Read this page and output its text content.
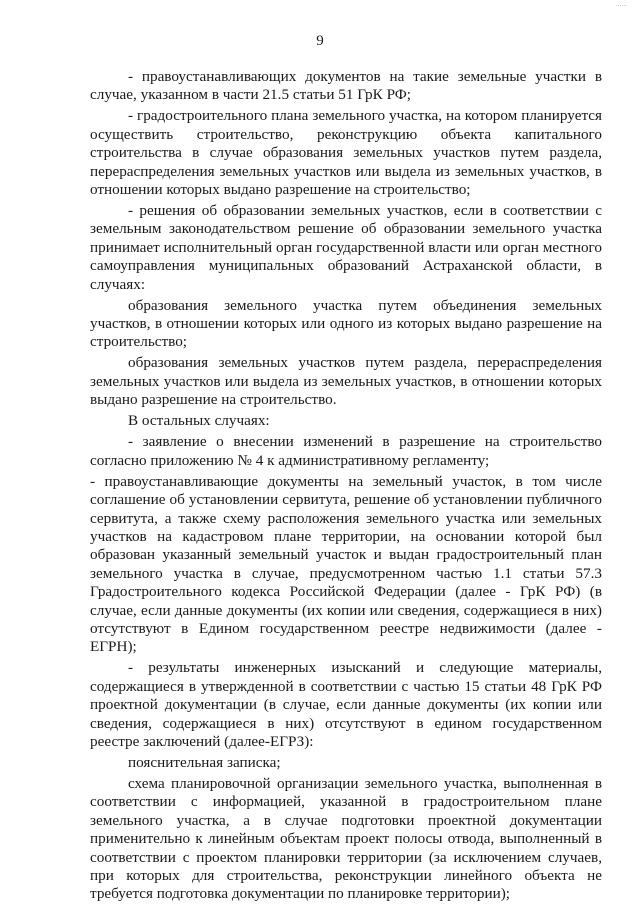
......
9

- правоустанавливающих документов на такие земельные участки в случае, указанном в части 21.5 статьи 51 ГрК РФ;

- градостроительного плана земельного участка, на котором планируется осуществить строительство, реконструкцию объекта капитального строительства в случае образования земельных участков путем раздела, перераспределения земельных участков или выдела из земельных участков, в отношении которых выдано разрешение на строительство;

- решения об образовании земельных участков, если в соответствии с земельным законодательством решение об образовании земельного участка принимает исполнительный орган государственной власти или орган местного самоуправления муниципальных образований Астраханской области, в случаях:

образования земельного участка путем объединения земельных участков, в отношении которых или одного из которых выдано разрешение на строительство;

образования земельных участков путем раздела, перераспределения земельных участков или выдела из земельных участков, в отношении которых выдано разрешение на строительство.

В остальных случаях:

- заявление о внесении изменений в разрешение на строительство согласно приложению № 4 к административному регламенту;

- правоустанавливающие документы на земельный участок, в том числе соглашение об установлении сервитута, решение об установлении публичного сервитута, а также схему расположения земельного участка или земельных участков на кадастровом плане территории, на основании которой был образован указанный земельный участок и выдан градостроительный план земельного участка в случае, предусмотренном частью 1.1 статьи 57.3 Градостроительного кодекса Российской Федерации (далее - ГрК РФ) (в случае, если данные документы (их копии или сведения, содержащиеся в них) отсутствуют в Едином государственном реестре недвижимости (далее - ЕГРН);

- результаты инженерных изысканий и следующие материалы, содержащиеся в утвержденной в соответствии с частью 15 статьи 48 ГрК РФ проектной документации (в случае, если данные документы (их копии или сведения, содержащиеся в них) отсутствуют в едином государственном реестре заключений (далее-ЕГРЗ):

пояснительная записка;

схема планировочной организации земельного участка, выполненная в соответствии с информацией, указанной в градостроительном плане земельного участка, а в случае подготовки проектной документации применительно к линейным объектам проект полосы отвода, выполненный в соответствии с проектом планировки территории (за исключением случаев, при которых для строительства, реконструкции линейного объекта не требуется подготовка документации по планировке территории);
